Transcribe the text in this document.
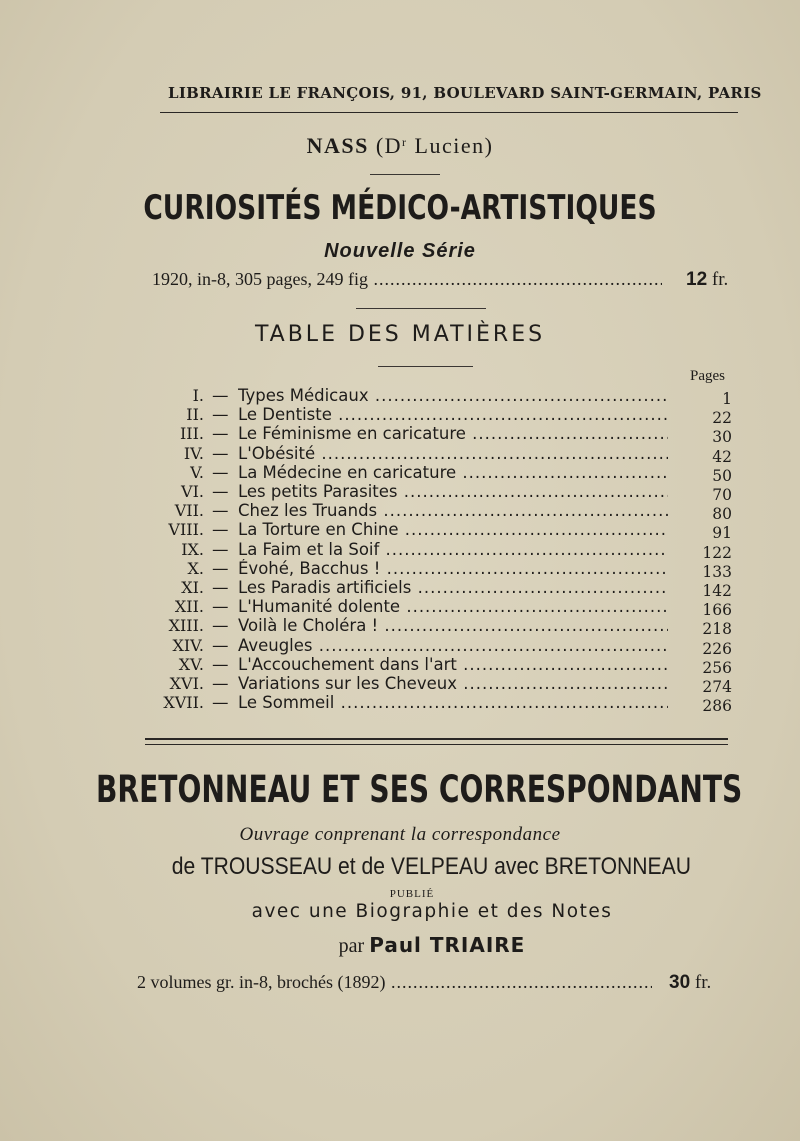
LIBRAIRIE LE FRANÇOIS, 91, BOULEVARD SAINT-GERMAIN, PARIS
NASS ($D^r$ Lucien)
CURIOSITÉS MÉDICO-ARTISTIQUES
Nouvelle Série
1920, in-8, 305 pages, 249 fig .....	12 fr.
TABLE DES MATIÈRES
Pages
I. — Types Médicaux .....	1
II. — Le Dentiste .....	22
III. — Le Féminisme en caricature .....	30
IV. — L'Obésité .....	42
V. — La Médecine en caricature .....	50
VI. — Les petits Parasites .....	70
VII. — Chez les Truands .....	80
VIII. — La Torture en Chine .....	91
IX. — La Faim et la Soif .....	122
X. — Évohé, Bacchus ! .....	133
XI. — Les Paradis artificiels .....	142
XII. — L'Humanité dolente .....	166
XIII. — Voilà le Choléra ! .....	218
XIV. — Aveugles .....	226
XV. — L'Accouchement dans l'art .....	256
XVI. — Variations sur les Cheveux .....	274
XVII. — Le Sommeil .....	286
BRETONNEAU ET SES CORRESPONDANTS
Ouvrage conprenant la correspondance
de TROUSSEAU et de VELPEAU avec BRETONNEAU
PUBLIÉ
avec une Biographie et des Notes
par Paul TRIAIRE
2 volumes gr. in-8, brochés (1892) .....	30 fr.
